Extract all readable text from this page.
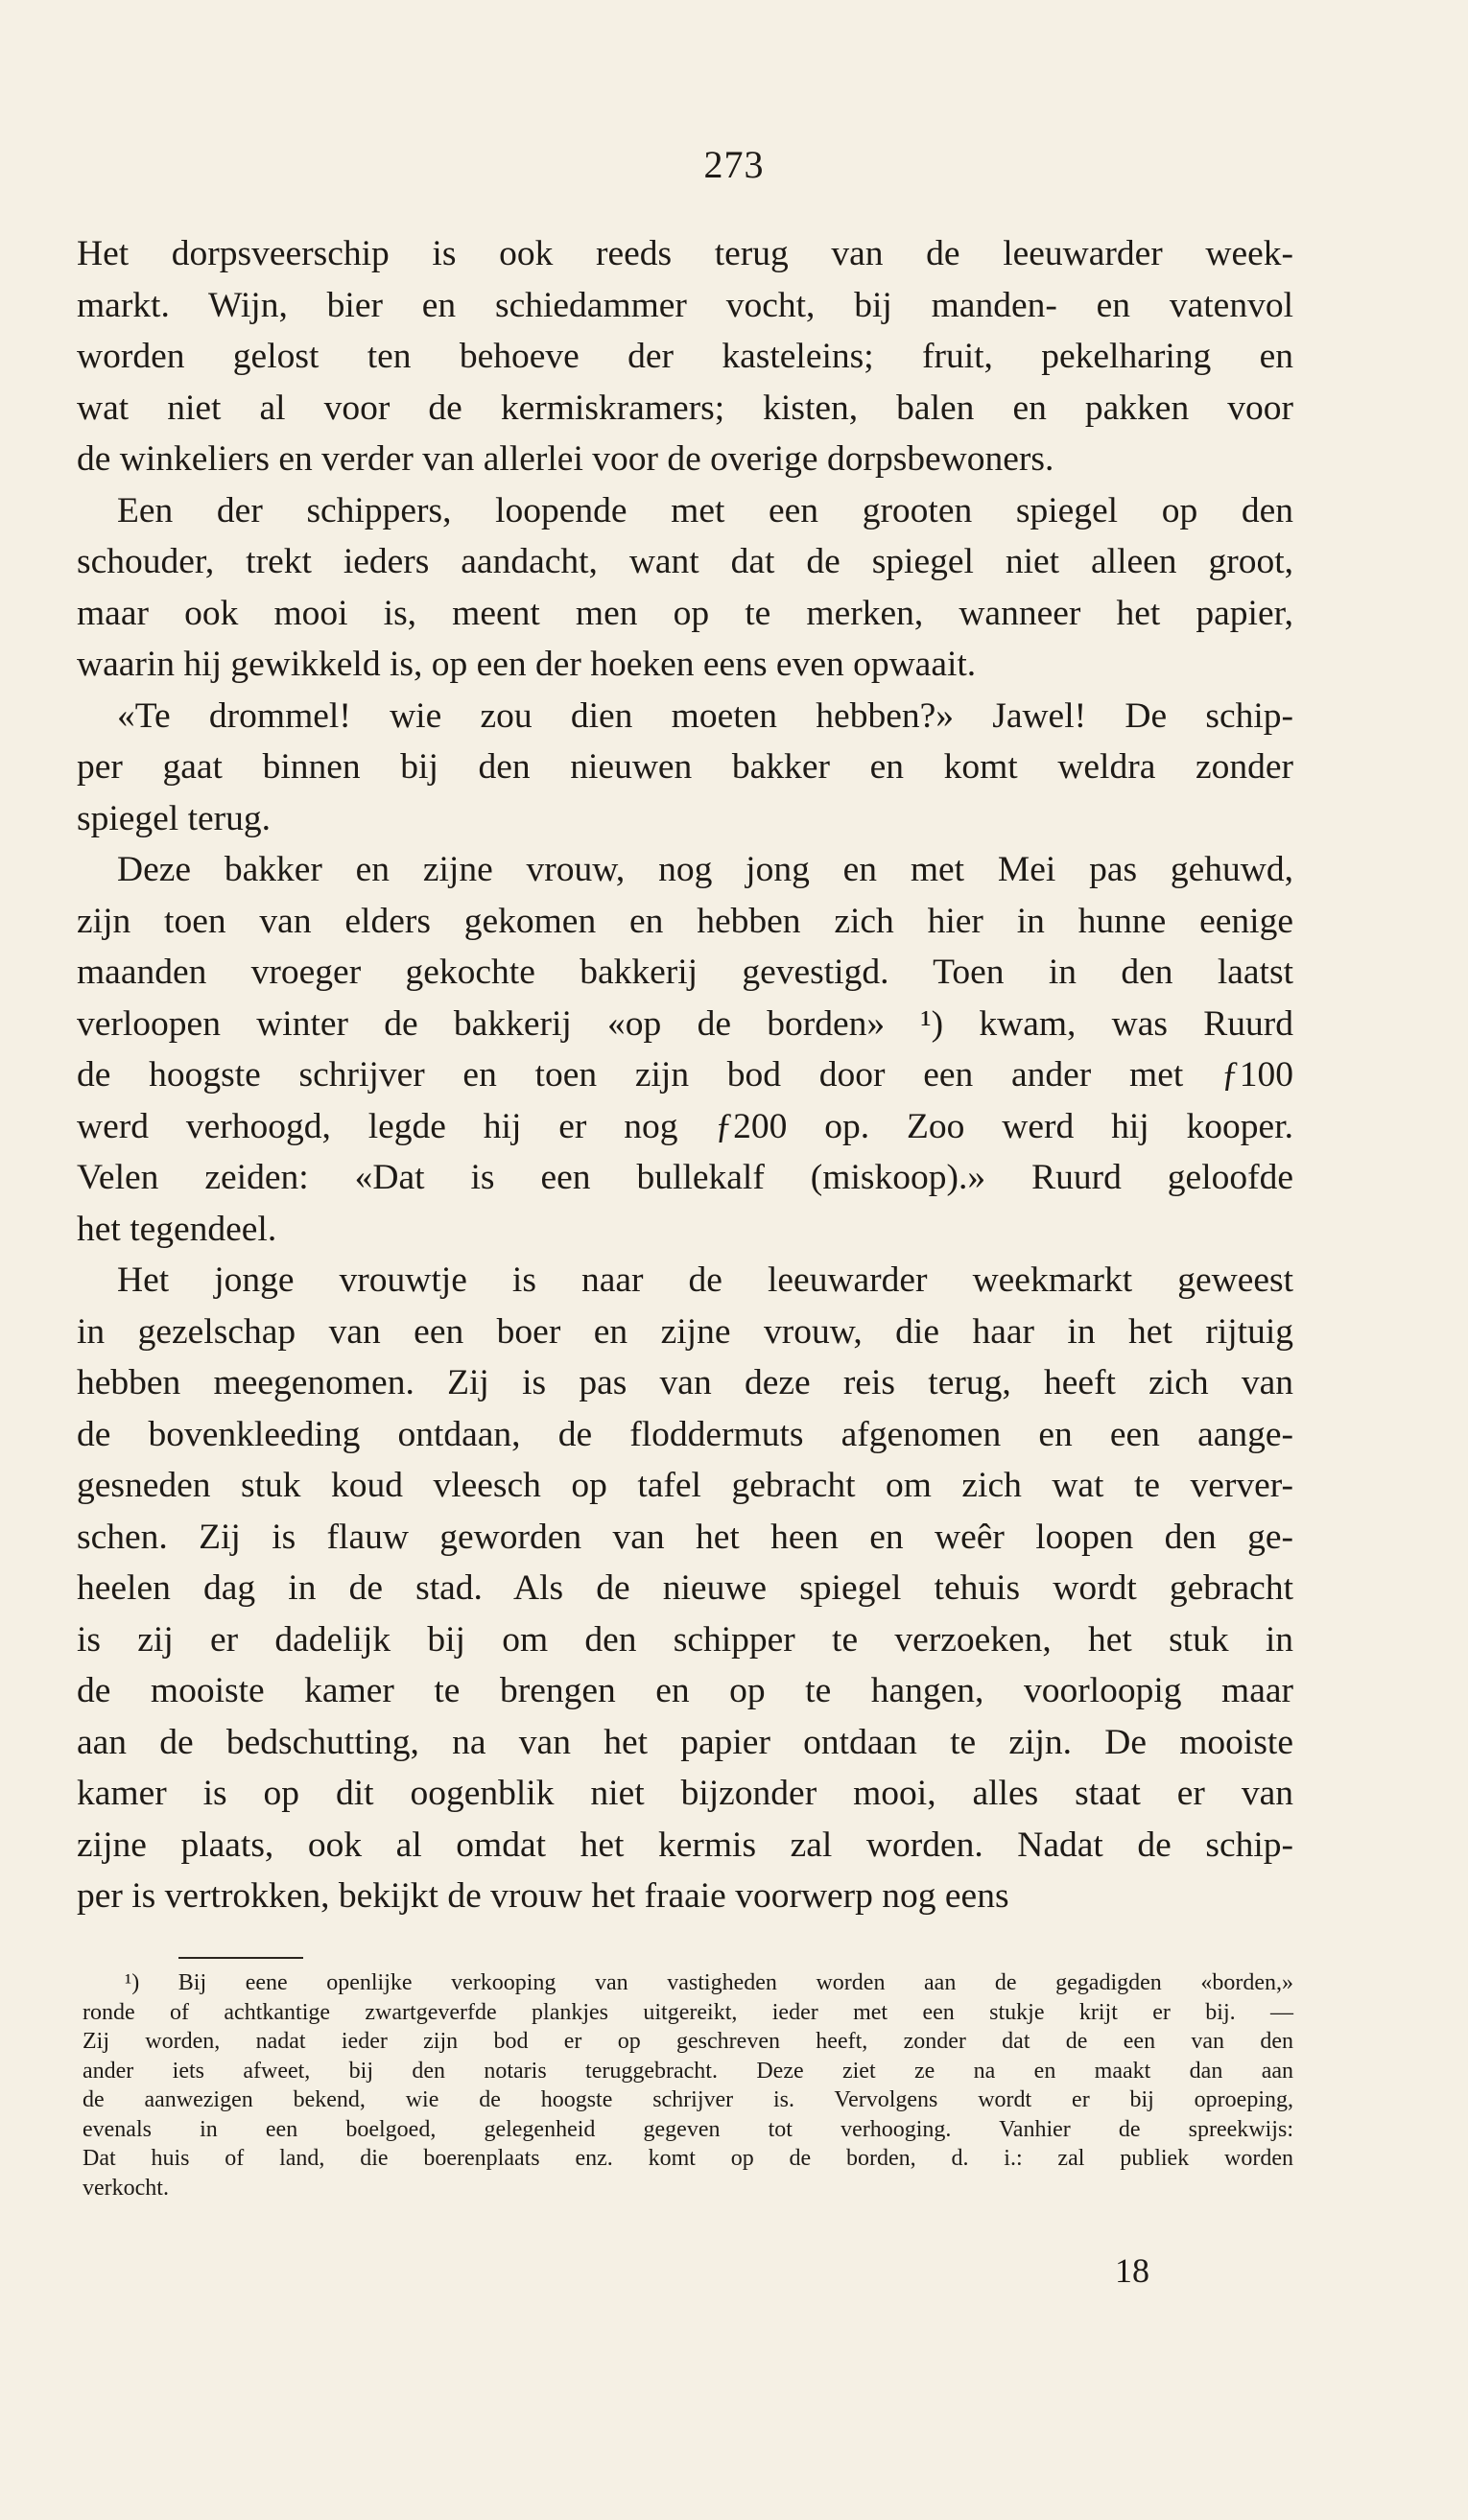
273
Het dorpsveerschip is ook reeds terug van de leeuwarder week-
markt. Wijn, bier en schiedammer vocht, bij manden- en vatenvol
worden gelost ten behoeve der kasteleins; fruit, pekelharing en
wat niet al voor de kermiskramers; kisten, balen en pakken voor
de winkeliers en verder van allerlei voor de overige dorpsbewoners.
Een der schippers, loopende met een grooten spiegel op den
schouder, trekt ieders aandacht, want dat de spiegel niet alleen groot,
maar ook mooi is, meent men op te merken, wanneer het papier,
waarin hij gewikkeld is, op een der hoeken eens even opwaait.
«Te drommel! wie zou dien moeten hebben?» Jawel! De schip-
per gaat binnen bij den nieuwen bakker en komt weldra zonder
spiegel terug.
Deze bakker en zijne vrouw, nog jong en met Mei pas gehuwd,
zijn toen van elders gekomen en hebben zich hier in hunne eenige
maanden vroeger gekochte bakkerij gevestigd. Toen in den laatst
verloopen winter de bakkerij «op de borden» ¹) kwam, was Ruurd
de hoogste schrijver en toen zijn bod door een ander met ƒ100
werd verhoogd, legde hij er nog ƒ200 op. Zoo werd hij kooper.
Velen zeiden: «Dat is een bullekalf (miskoop).» Ruurd geloofde
het tegendeel.
Het jonge vrouwtje is naar de leeuwarder weekmarkt geweest
in gezelschap van een boer en zijne vrouw, die haar in het rijtuig
hebben meegenomen. Zij is pas van deze reis terug, heeft zich van
de bovenkleeding ontdaan, de floddermuts afgenomen en een aange-
gesneden stuk koud vleesch op tafel gebracht om zich wat te verver-
schen. Zij is flauw geworden van het heen en weêr loopen den ge-
heelen dag in de stad. Als de nieuwe spiegel tehuis wordt gebracht
is zij er dadelijk bij om den schipper te verzoeken, het stuk in
de mooiste kamer te brengen en op te hangen, voorloopig maar
aan de bedschutting, na van het papier ontdaan te zijn. De mooiste
kamer is op dit oogenblik niet bijzonder mooi, alles staat er van
zijne plaats, ook al omdat het kermis zal worden. Nadat de schip-
per is vertrokken, bekijkt de vrouw het fraaie voorwerp nog eens
¹) Bij eene openlijke verkooping van vastigheden worden aan de gegadigden «borden,» ronde of achtkantige zwartgeverfde plankjes uitgereikt, ieder met een stukje krijt er bij. — Zij worden, nadat ieder zijn bod er op geschreven heeft, zonder dat de een van den ander iets afweet, bij den notaris teruggebracht. Deze ziet ze na en maakt dan aan de aanwezigen bekend, wie de hoogste schrijver is. Vervolgens wordt er bij oproeping, evenals in een boelgoed, gelegenheid gegeven tot verhooging. Vanhier de spreekwijs: Dat huis of land, die boerenplaats enz. komt op de borden, d. i.: zal publiek worden verkocht.
18
